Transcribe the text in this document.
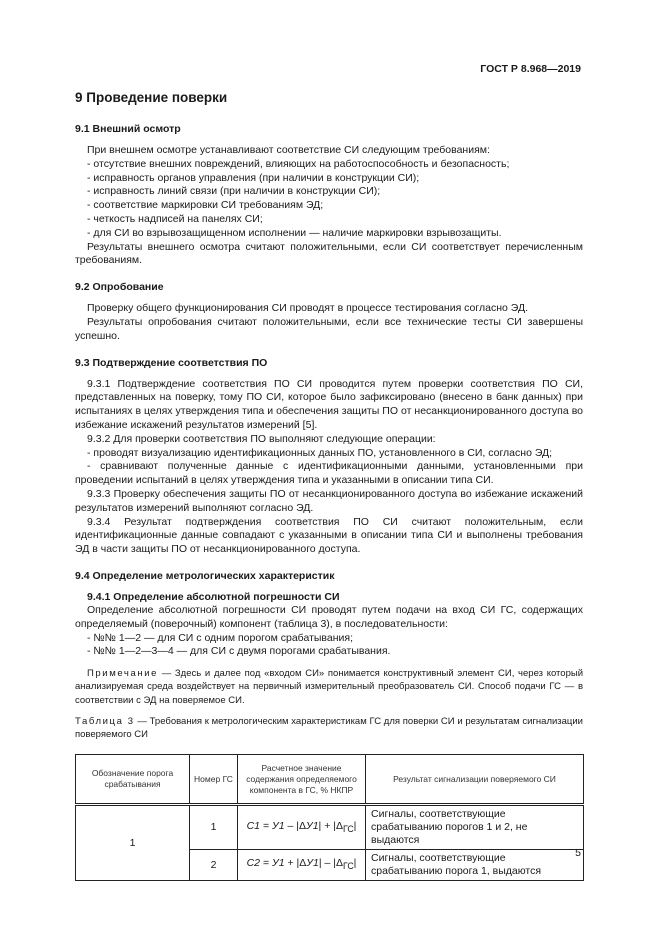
ГОСТ Р 8.968—2019
9 Проведение поверки
9.1 Внешний осмотр

При внешнем осмотре устанавливают соответствие СИ следующим требованиям:

- отсутствие внешних повреждений, влияющих на работоспособность и безопасность;

- исправность органов управления (при наличии в конструкции СИ);

- исправность линий связи (при наличии в конструкции СИ);

- соответствие маркировки СИ требованиям ЭД;

- четкость надписей на панелях СИ;

- для СИ во взрывозащищенном исполнении — наличие маркировки взрывозащиты.

Результаты внешнего осмотра считают положительными, если СИ соответствует перечисленным требованиям.

9.2 Опробование

Проверку общего функционирования СИ проводят в процессе тестирования согласно ЭД.

Результаты опробования считают положительными, если все технические тесты СИ завершены успешно.

9.3 Подтверждение соответствия ПО

9.3.1 Подтверждение соответствия ПО СИ проводится путем проверки соответствия ПО СИ, представленных на поверку, тому ПО СИ, которое было зафиксировано (внесено в банк данных) при испытаниях в целях утверждения типа и обеспечения защиты ПО от несанкционированного доступа во избежание искажений результатов измерений [5].

9.3.2 Для проверки соответствия ПО выполняют следующие операции:

- проводят визуализацию идентификационных данных ПО, установленного в СИ, согласно ЭД;

- сравнивают полученные данные с идентификационными данными, установленными при проведении испытаний в целях утверждения типа и указанными в описании типа СИ.

9.3.3 Проверку обеспечения защиты ПО от несанкционированного доступа во избежание искажений результатов измерений выполняют согласно ЭД.

9.3.4 Результат подтверждения соответствия ПО СИ считают положительным, если идентификационные данные совпадают с указанными в описании типа СИ и выполнены требования ЭД в части защиты ПО от несанкционированного доступа.

9.4 Определение метрологических характеристик
9.4.1 Определение абсолютной погрешности СИ

Определение абсолютной погрешности СИ проводят путем подачи на вход СИ ГС, содержащих определяемый (поверочный) компонент (таблица 3), в последовательности:

- №№ 1—2 — для СИ с одним порогом срабатывания;

- №№ 1—2—3—4 — для СИ с двумя порогами срабатывания.

Примечание — Здесь и далее под «входом СИ» понимается конструктивный элемент СИ, через который анализируемая среда воздействует на первичный измерительный преобразователь СИ. Способ подачи ГС — в соответствии с ЭД на поверяемое СИ.

Таблица 3 — Требования к метрологическим характеристикам ГС для поверки СИ и результатам сигнализации поверяемого СИ

Обозначение порога срабатывания	Номер ГС	Расчетное значение содержания определяемого компонента в ГС, % НКПР	Результат сигнализации поверяемого СИ
1	1	$С1 = У1 - |\Delta У1| + |\Delta_{ГС}|$	Сигналы, соответствующие срабатыванию порогов 1 и 2, не выдаются
	2	$С2 = У1 + |\Delta У1| - |\Delta_{ГС}|$	Сигналы, соответствующие срабатыванию порога 1, выдаются
5
